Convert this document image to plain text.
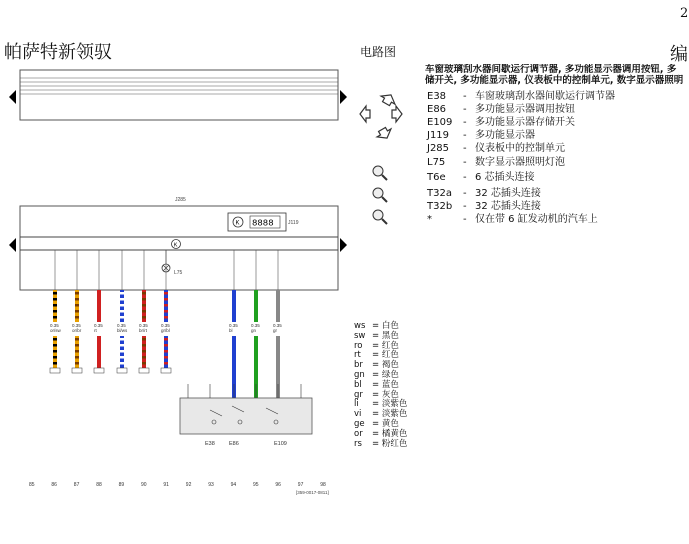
2
帕萨特新领驭	电路图	编
车窗玻璃刮水器间歇运行调节器, 多功能显示器调用按钮, 多
储开关, 多功能显示器, 仪表板中的控制单元, 数字显示器照明
E38 - 车窗玻璃刮水器间歇运行调节器
E86 - 多功能显示器调用按钮
E109 - 多功能显示器存储开关
J119 - 多功能显示器
J285 - 仪表板中的控制单元
L75 - 数字显示器照明灯泡
T6e - 6 芯插头连接
T32a - 32 芯插头连接
T32b - 32 芯插头连接
*	- 仅在带 6 缸发动机的汽车上
ws = 白色
sw = 黑色
ro = 红色
rt = 红色
br = 褐色
gn = 绿色
bl = 蓝色
gr = 灰色
li = 淡紫色
vi = 淡紫色
ge = 黄色
or = 橘黄色
rs = 粉红色
J285
K 8888	J119
K
L75
0.35
or/sw
0.35
or/br
0.35
rt
0.35
bl/ws
0.35
br/rt
0.35
gr/bl
0.35
bl
0.35
gn
0.35
gr
E38	E86	E109
85	86	87	88	89	90	91	92	93	94	95	96	97	98
[359-0017-0811]
